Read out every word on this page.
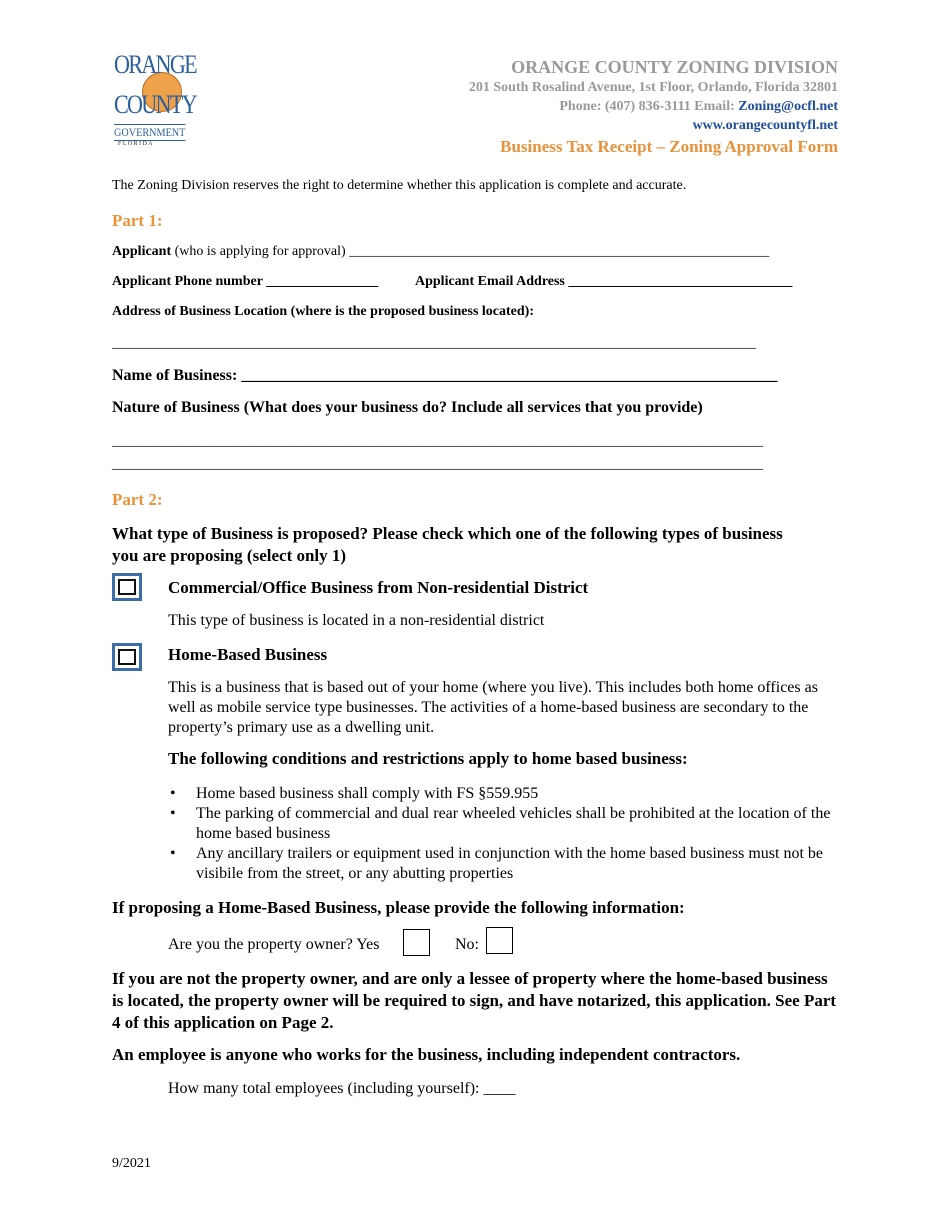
ORANGE
COUNTY
GOVERNMENT
F L O R I D A
ORANGE COUNTY ZONING DIVISION
201 South Rosalind Avenue, 1st Floor, Orlando, Florida 32801
Phone: (407) 836-3111 Email: Zoning@ocfl.net
www.orangecountyfl.net
Business Tax Receipt – Zoning Approval Form
The Zoning Division reserves the right to determine whether this application is complete and accurate.
Part 1:
Applicant (who is applying for approval) ____________________________________________________________
Applicant Phone number ________________	Applicant Email Address ________________________________
Address of Business Location (where is the proposed business located):
____________________________________________________________________________________________
Name of Business: ___________________________________________________________________
Nature of Business (What does your business do? Include all services that you provide)
_____________________________________________________________________________________________
_____________________________________________________________________________________________
Part 2:
What type of Business is proposed? Please check which one of the following types of business you are proposing (select only 1)
Commercial/Office Business from Non-residential District
This type of business is located in a non-residential district
Home-Based Business
This is a business that is based out of your home (where you live). This includes both home offices as well as mobile service type businesses. The activities of a home-based business are secondary to the property’s primary use as a dwelling unit.
The following conditions and restrictions apply to home based business:
• Home based business shall comply with FS §559.955
• The parking of commercial and dual rear wheeled vehicles shall be prohibited at the location of the home based business
• Any ancillary trailers or equipment used in conjunction with the home based business must not be visibile from the street, or any abutting properties
If proposing a Home-Based Business, please provide the following information:
Are you the property owner? Yes	No:
If you are not the property owner, and are only a lessee of property where the home-based business is located, the property owner will be required to sign, and have notarized, this application. See Part 4 of this application on Page 2.
An employee is anyone who works for the business, including independent contractors.
How many total employees (including yourself): ____
9/2021
